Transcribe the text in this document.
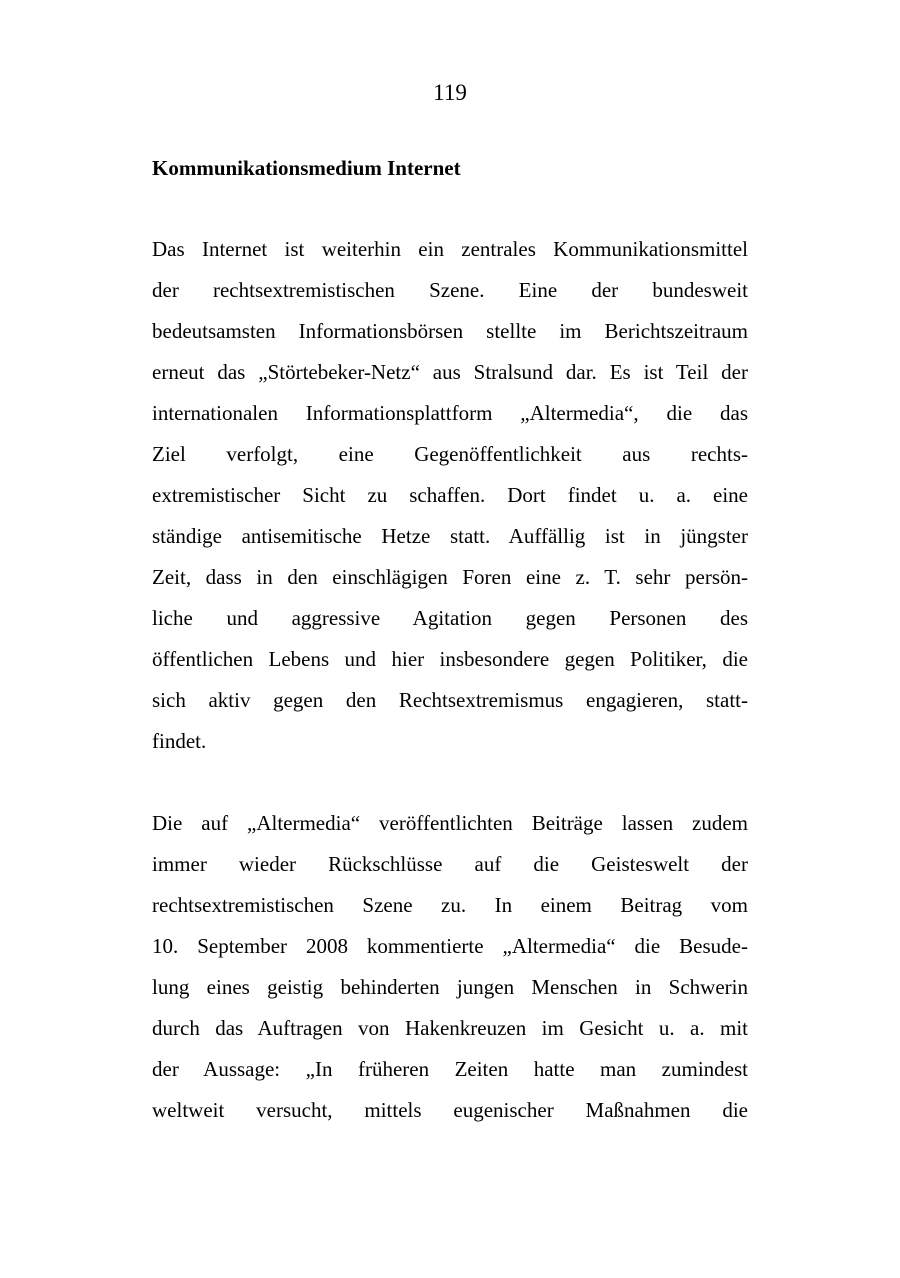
119
Kommunikationsmedium Internet
Das Internet ist weiterhin ein zentrales Kommunikationsmittel
der rechtsextremistischen Szene. Eine der bundesweit
bedeutsamsten Informationsbörsen stellte im Berichtszeitraum
erneut das „Störtebeker-Netz“ aus Stralsund dar. Es ist Teil der
internationalen Informationsplattform „Altermedia“, die das
Ziel verfolgt, eine Gegenöffentlichkeit aus rechts-
extremistischer Sicht zu schaffen. Dort findet u. a. eine
ständige antisemitische Hetze statt. Auffällig ist in jüngster
Zeit, dass in den einschlägigen Foren eine z. T. sehr persön-
liche und aggressive Agitation gegen Personen des
öffentlichen Lebens und hier insbesondere gegen Politiker, die
sich aktiv gegen den Rechtsextremismus engagieren, statt-
findet.
Die auf „Altermedia“ veröffentlichten Beiträge lassen zudem
immer wieder Rückschlüsse auf die Geisteswelt der
rechtsextremistischen Szene zu. In einem Beitrag vom
10. September 2008 kommentierte „Altermedia“ die Besude-
lung eines geistig behinderten jungen Menschen in Schwerin
durch das Auftragen von Hakenkreuzen im Gesicht u. a. mit
der Aussage: „In früheren Zeiten hatte man zumindest
weltweit versucht, mittels eugenischer Maßnahmen die
